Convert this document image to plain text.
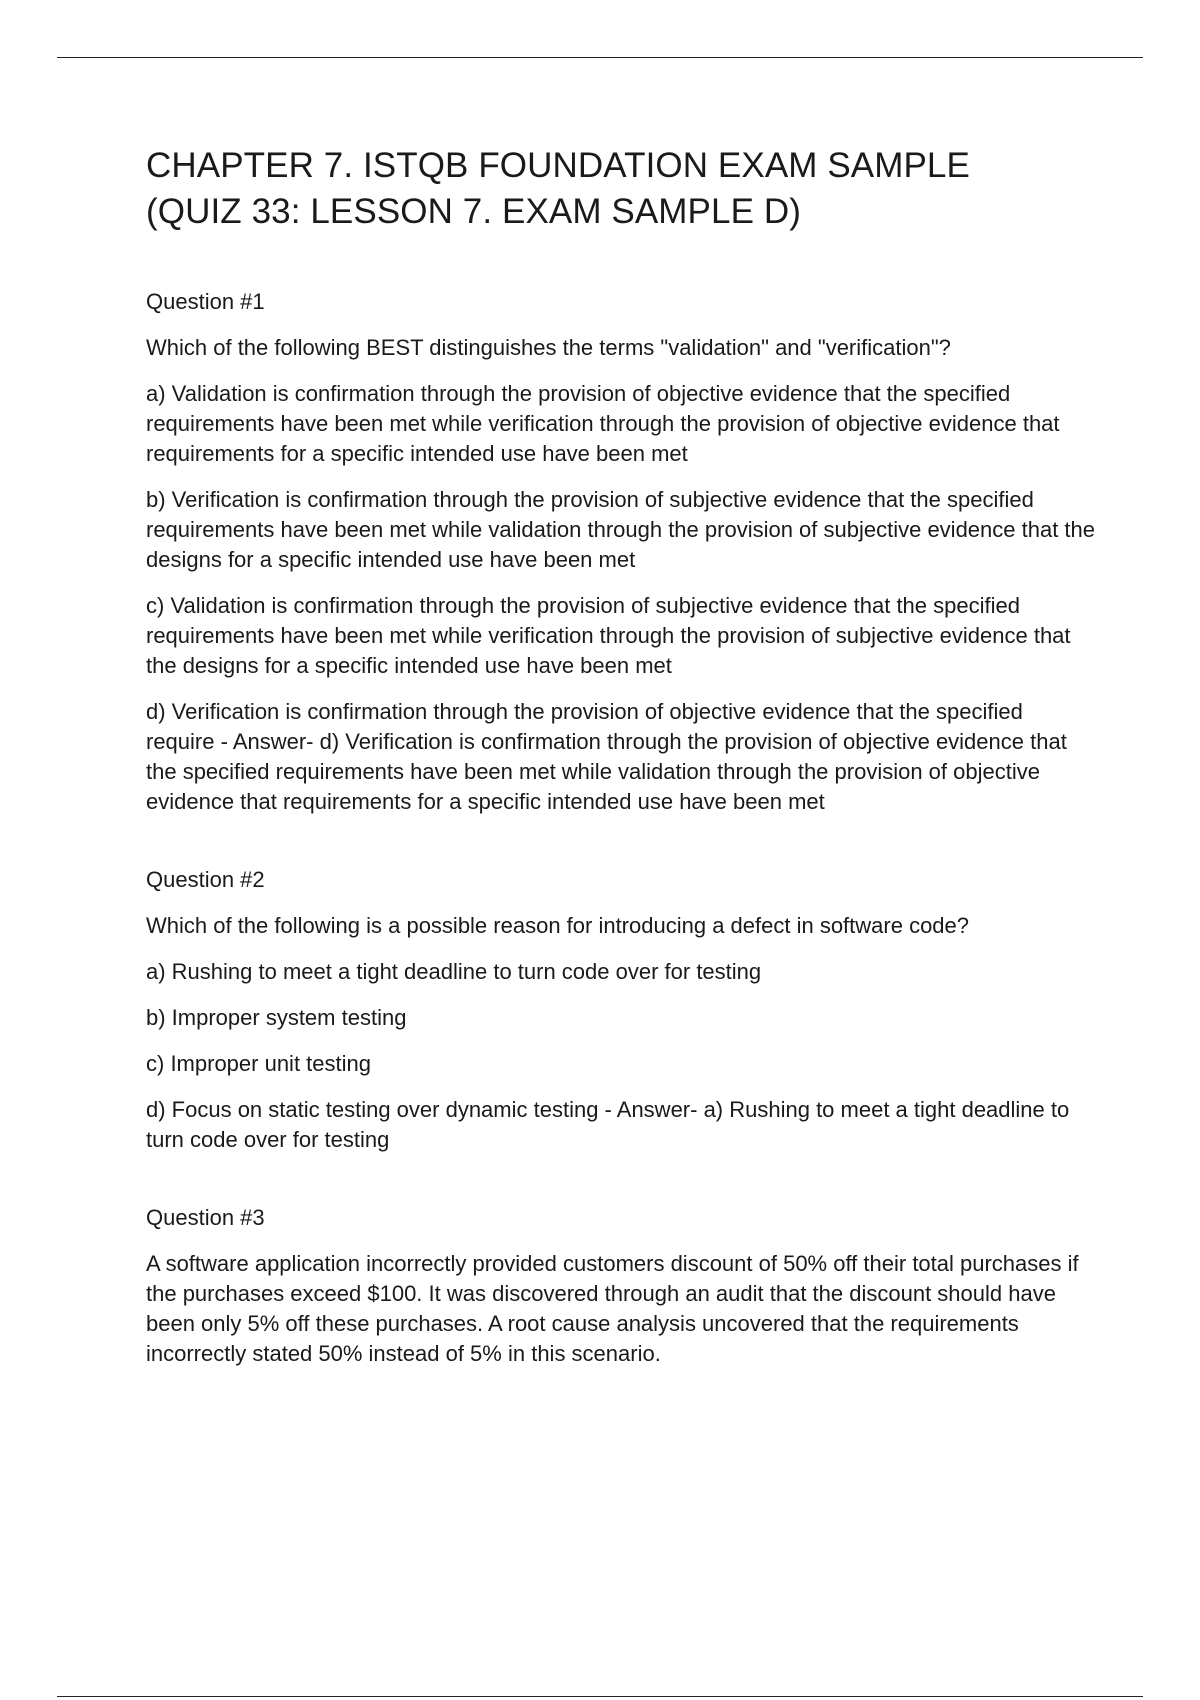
CHAPTER 7. ISTQB FOUNDATION EXAM SAMPLE
(QUIZ 33: LESSON 7. EXAM SAMPLE D)

Question #1

Which of the following BEST distinguishes the terms "validation" and "verification"?

a) Validation is confirmation through the provision of objective evidence that the specified requirements have been met while verification through the provision of objective evidence that requirements for a specific intended use have been met

b) Verification is confirmation through the provision of subjective evidence that the specified requirements have been met while validation through the provision of subjective evidence that the designs for a specific intended use have been met

c) Validation is confirmation through the provision of subjective evidence that the specified requirements have been met while verification through the provision of subjective evidence that the designs for a specific intended use have been met

d) Verification is confirmation through the provision of objective evidence that the specified require - Answer- d) Verification is confirmation through the provision of objective evidence that the specified requirements have been met while validation through the provision of objective evidence that requirements for a specific intended use have been met

Question #2

Which of the following is a possible reason for introducing a defect in software code?

a) Rushing to meet a tight deadline to turn code over for testing

b) Improper system testing

c) Improper unit testing

d) Focus on static testing over dynamic testing - Answer- a) Rushing to meet a tight deadline to turn code over for testing

Question #3

A software application incorrectly provided customers discount of 50% off their total purchases if the purchases exceed $100. It was discovered through an audit that the discount should have been only 5% off these purchases. A root cause analysis uncovered that the requirements incorrectly stated 50% instead of 5% in this scenario.
